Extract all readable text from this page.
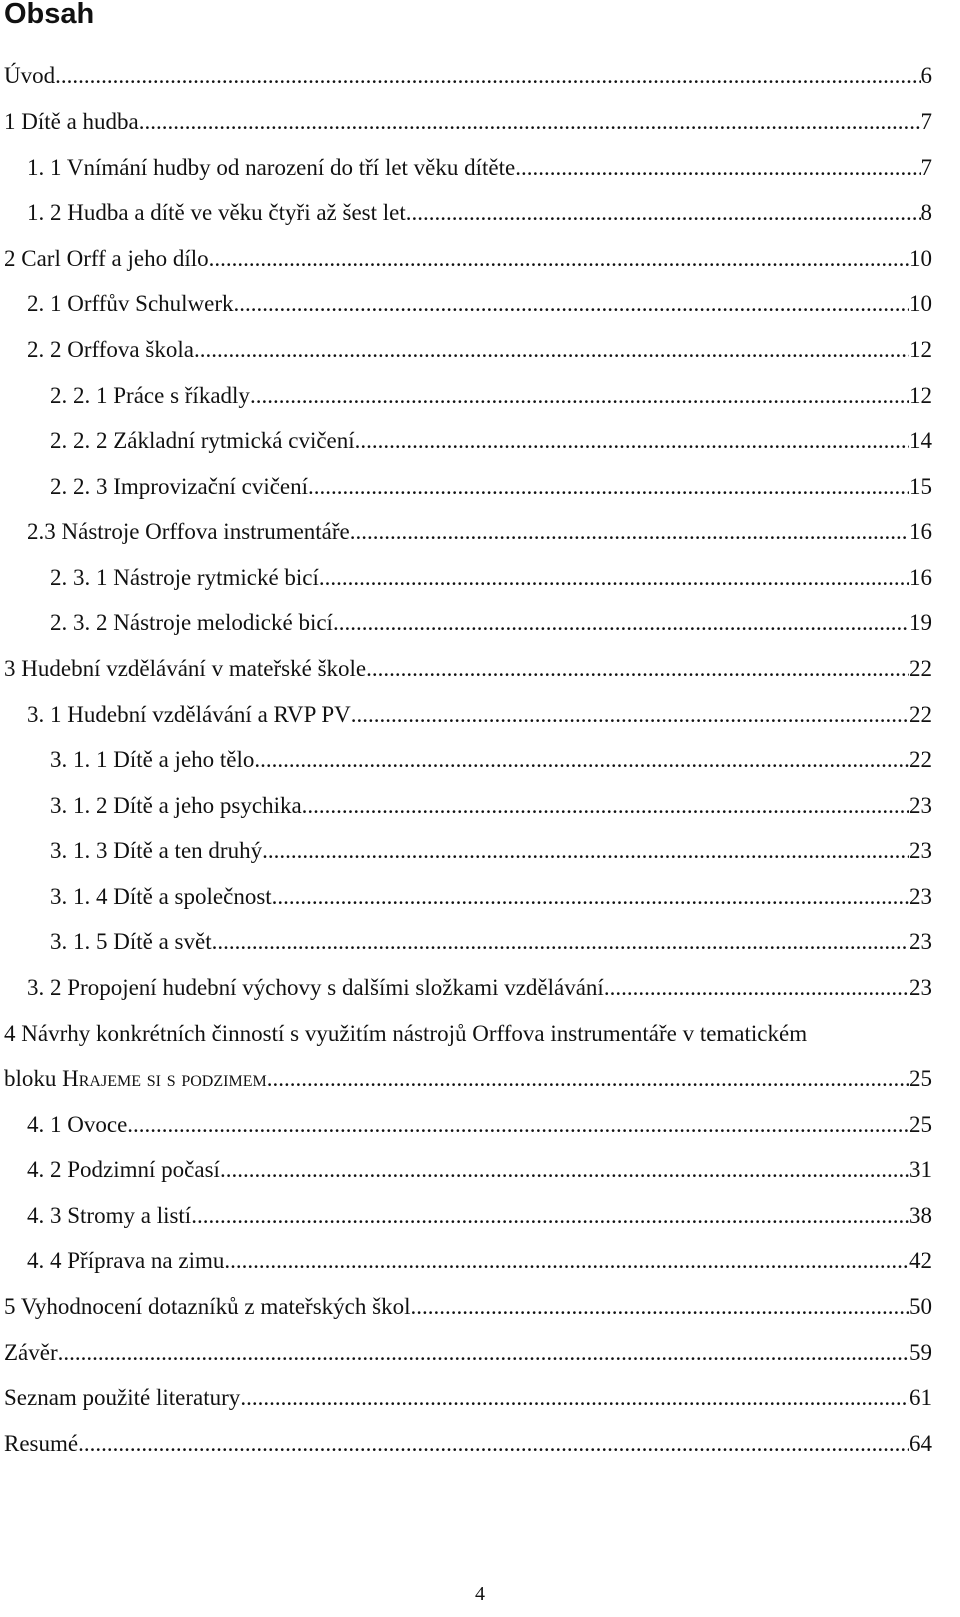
Obsah
Úvod .....	6
1 Dítě a hudba .....	7
1. 1 Vnímání hudby od narození do tří let věku dítěte .....	7
1. 2 Hudba a dítě ve věku čtyři až šest let .....	8
2 Carl Orff a jeho dílo .....	10
2. 1 Orffův Schulwerk .....	10
2. 2 Orffova škola .....	12
2. 2. 1 Práce s říkadly .....	12
2. 2. 2 Základní rytmická cvičení .....	14
2. 2. 3 Improvizační cvičení .....	15
2.3 Nástroje Orffova instrumentáře .....	16
2. 3. 1 Nástroje rytmické bicí .....	16
2. 3. 2 Nástroje melodické bicí .....	19
3 Hudební vzdělávání v mateřské škole .....	22
3. 1 Hudební vzdělávání a RVP PV .....	22
3. 1. 1 Dítě a jeho tělo .....	22
3. 1. 2 Dítě a jeho psychika .....	23
3. 1. 3 Dítě a ten druhý .....	23
3. 1. 4 Dítě a společnost .....	23
3. 1. 5 Dítě a svět .....	23
3. 2 Propojení hudební výchovy s dalšími složkami vzdělávání .....	23
4 Návrhy konkrétních činností s využitím nástrojů Orffova instrumentáře v tematickém
bloku Hrajeme si s podzimem .....	25
4. 1 Ovoce .....	25
4. 2 Podzimní počasí .....	31
4. 3 Stromy a listí .....	38
4. 4 Příprava na zimu .....	42
5 Vyhodnocení dotazníků z mateřských škol .....	50
Závěr .....	59
Seznam použité literatury .....	61
Resumé .....	64
4
